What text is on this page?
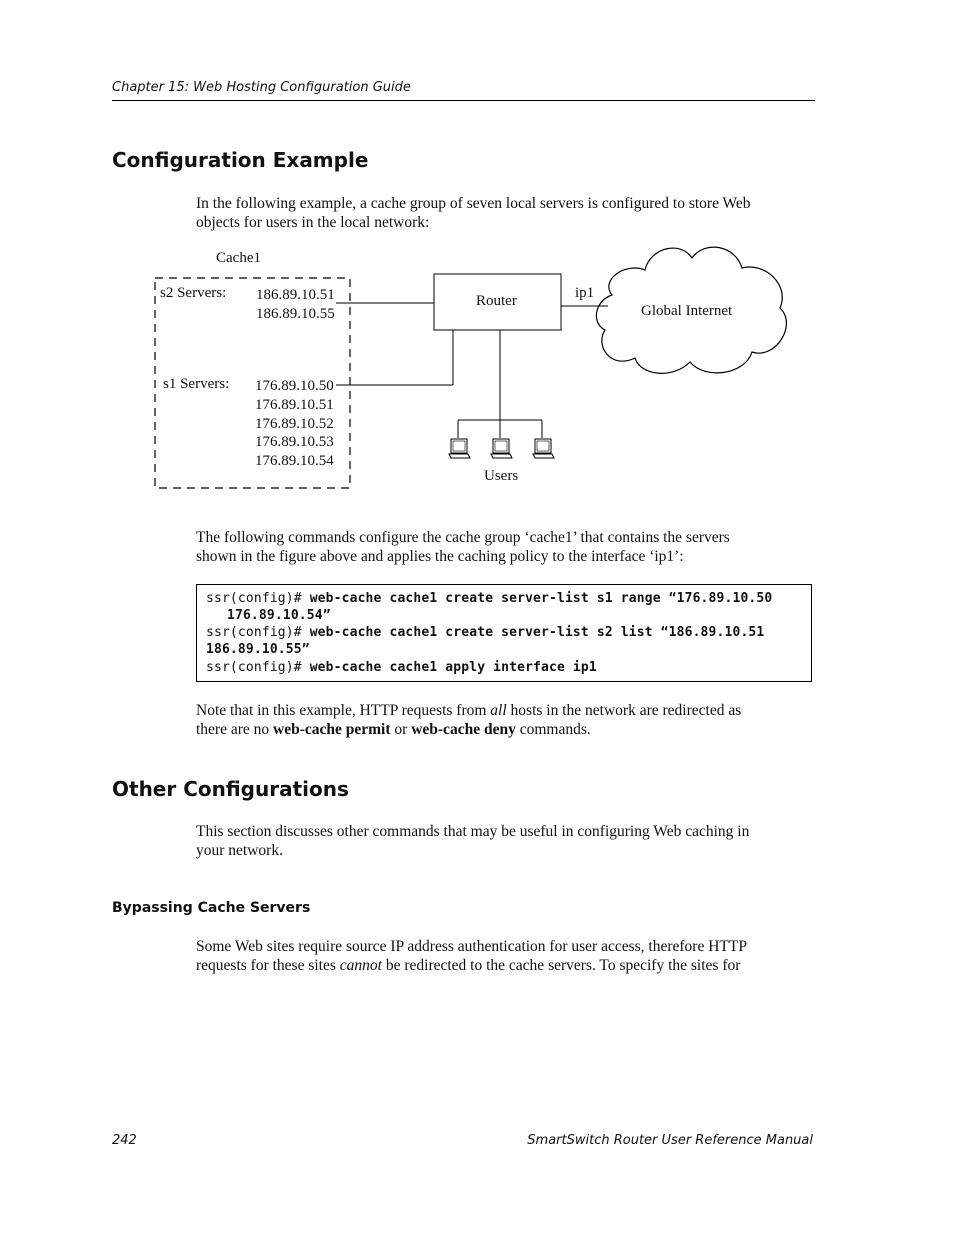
Chapter 15: Web Hosting Configuration Guide
Configuration Example
In the following example, a cache group of seven local servers is configured to store Web
objects for users in the local network:
Cache1
s2 Servers: 186.89.10.51
186.89.10.55
s1 Servers: 176.89.10.50
176.89.10.51
176.89.10.52
176.89.10.53
176.89.10.54
Router	ip1
Global Internet
Users
The following commands configure the cache group ‘cache1’ that contains the servers
shown in the figure above and applies the caching policy to the interface ‘ip1’:
ssr(config)# web-cache cache1 create server-list s1 range “176.89.10.50
176.89.10.54”
ssr(config)# web-cache cache1 create server-list s2 list “186.89.10.51
186.89.10.55”
ssr(config)# web-cache cache1 apply interface ip1
Note that in this example, HTTP requests from all hosts in the network are redirected as
there are no web-cache permit or web-cache deny commands.
Other Configurations
This section discusses other commands that may be useful in configuring Web caching in
your network.
Bypassing Cache Servers
Some Web sites require source IP address authentication for user access, therefore HTTP
requests for these sites cannot be redirected to the cache servers. To specify the sites for
242	SmartSwitch Router User Reference Manual
